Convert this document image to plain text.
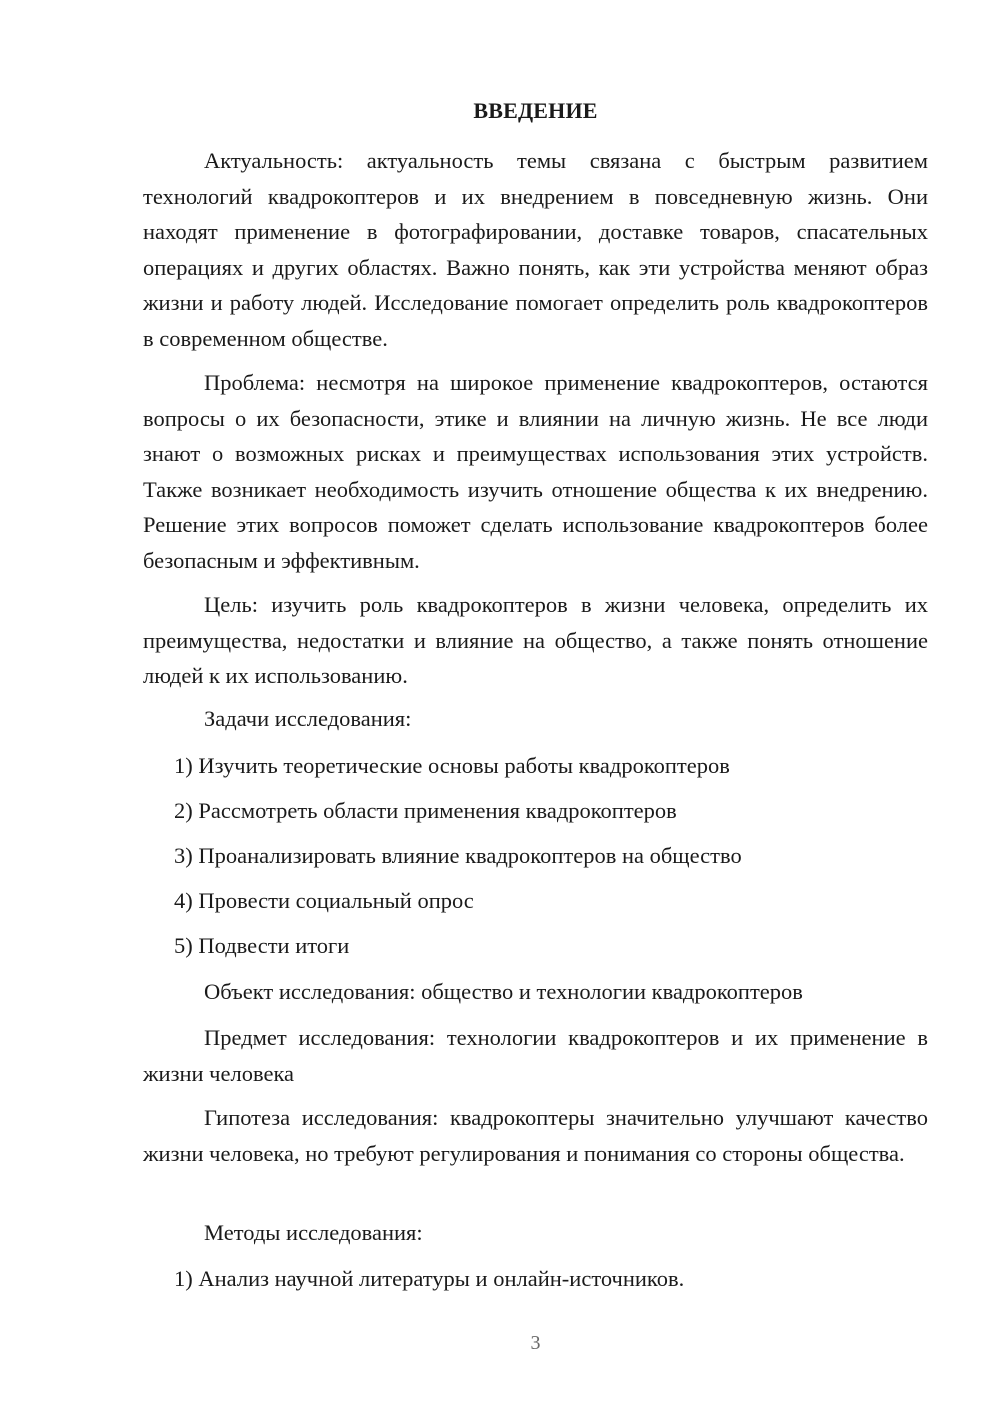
ВВЕДЕНИЕ

Актуальность: актуальность темы связана с быстрым развитием технологий квадрокоптеров и их внедрением в повседневную жизнь. Они находят применение в фотографировании, доставке товаров, спасательных операциях и других областях. Важно понять, как эти устройства меняют образ жизни и работу людей. Исследование помогает определить роль квадрокоптеров в современном обществе.

Проблема: несмотря на широкое применение квадрокоптеров, остаются вопросы о их безопасности, этике и влиянии на личную жизнь. Не все люди знают о возможных рисках и преимуществах использования этих устройств. Также возникает необходимость изучить отношение общества к их внедрению. Решение этих вопросов поможет сделать использование квадрокоптеров более безопасным и эффективным.

Цель: изучить роль квадрокоптеров в жизни человека, определить их преимущества, недостатки и влияние на общество, а также понять отношение людей к их использованию.

Задачи исследования:
1) Изучить теоретические основы работы квадрокоптеров
2) Рассмотреть области применения квадрокоптеров
3) Проанализировать влияние квадрокоптеров на общество
4) Провести социальный опрос
5) Подвести итоги
Объект исследования: общество и технологии квадрокоптеров

Предмет исследования: технологии квадрокоптеров и их применение в жизни человека

Гипотеза исследования: квадрокоптеры значительно улучшают качество жизни человека, но требуют регулирования и понимания со стороны общества.

Методы исследования:
1) Анализ научной литературы и онлайн-источников.
3
